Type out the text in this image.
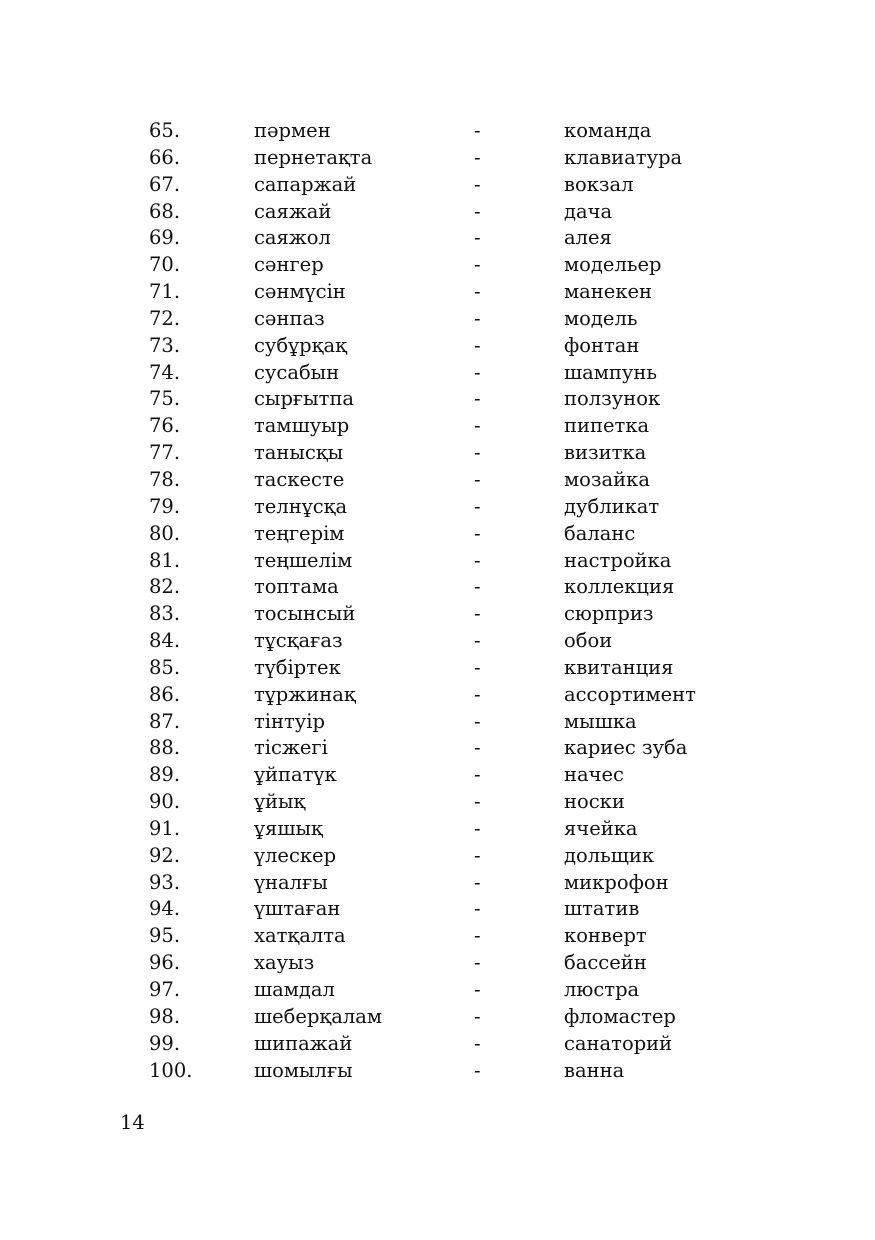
65.	пәрмен	-	команда
66.	пернетақта	-	клавиатура
67.	сапаржай	-	вокзал
68.	саяжай	-	дача
69.	саяжол	-	алея
70.	сәнгер	-	модельер
71.	сәнмүсін	-	манекен
72.	сәнпаз	-	модель
73.	субұрқақ	-	фонтан
74.	сусабын	-	шампунь
75.	сырғытпа	-	ползунок
76.	тамшуыр	-	пипетка
77.	таныс​қы	-	визитка
78.	таскесте	-	мозайка
79.	телнұсқа	-	дубликат
80.	теңгерім	-	баланс
81.	теңшелім	-	настройка
82.	топтама	-	коллекция
83.	тосынсый	-	сюрприз
84.	тұсқағаз	-	обои
85.	түбіртек	-	квитанция
86.	тұржинақ	-	ассортимент
87.	тінтуір	-	мышка
88.	тісжегі	-	кариес зуба
89.	ұйпатүк	-	начес
90.	ұйық	-	носки
91.	ұяшық	-	ячейка
92.	үлескер	-	дольщик
93.	үналғы	-	микрофон
94.	үштаған	-	штатив
95.	хатқалта	-	конверт
96.	хауыз	-	бассейн
97.	шамдал	-	люстра
98.	шеберқалам	-	фломастер
99.	шипажай	-	санаторий
100.	шомылғы	-	ванна
14
